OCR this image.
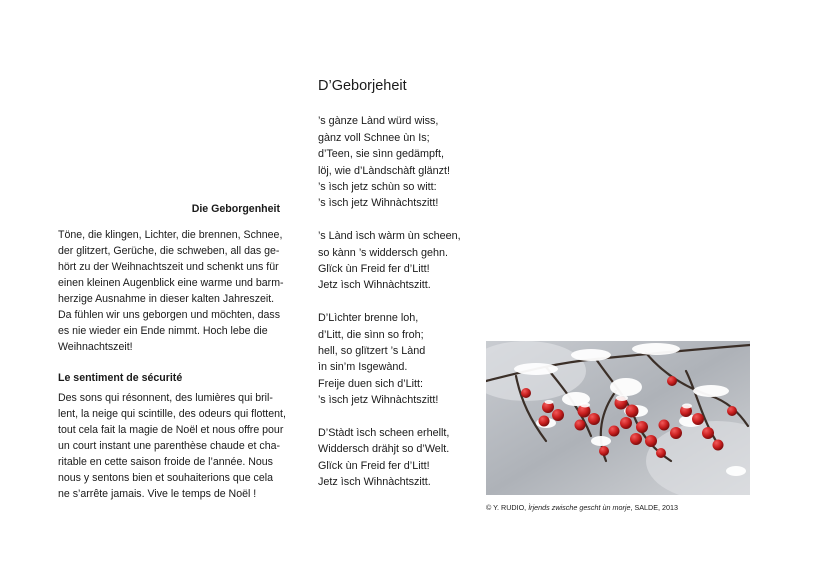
Die Geborgenheit
Töne, die klingen, Lichter, die brennen, Schnee,
der glitzert, Gerüche, die schweben, all das ge-
hört zu der Weihnachtszeit und schenkt uns für
einen kleinen Augenblick eine warme und barm-
herzige Ausnahme in dieser kalten Jahreszeit.
Da fühlen wir uns geborgen und möchten, dass
es nie wieder ein Ende nimmt. Hoch lebe die
Weihnachtszeit!
Le sentiment de sécurité
Des sons qui résonnent, des lumières qui bril-
lent, la neige qui scintille, des odeurs qui flottent,
tout cela fait la magie de Noël et nous offre pour
un court instant une parenthèse chaude et cha-
ritable en cette saison froide de l’année. Nous
nous y sentons bien et souhaiterions que cela
ne s’arrête jamais. Vive le temps de Noël !
D’Geborjeheit
’s gànze Lànd würd wiss,
gànz voll Schnee ùn Is;
d’Teen, sie sìnn gedämpft,
löj, wie d’Làndschàft glänzt!
’s ìsch jetz schùn so witt:
’s ìsch jetz Wihnàchtszitt!
’s Lànd ìsch wàrm ùn scheen,
so kànn ’s widdersch gehn.
Glïck ùn Freid fer d’Litt!
Jetz ìsch Wihnàchtszitt.
D’Lìchter brenne loh,
d’Litt, die sìnn so froh;
hell, so glïtzert ’s Lànd
ìn sin’m Isgewànd.
Freije duen sich d’Litt:
’s ìsch jetz Wihnàchtszitt!
D’Stàdt ìsch scheen erhellt,
Widdersch drähjt so d’Welt.
Glïck ùn Freid fer d’Litt!
Jetz ìsch Wihnàchtszitt.
© Y. RUDIO, Ìrjends zwische gescht ùn morje, SALDE, 2013
